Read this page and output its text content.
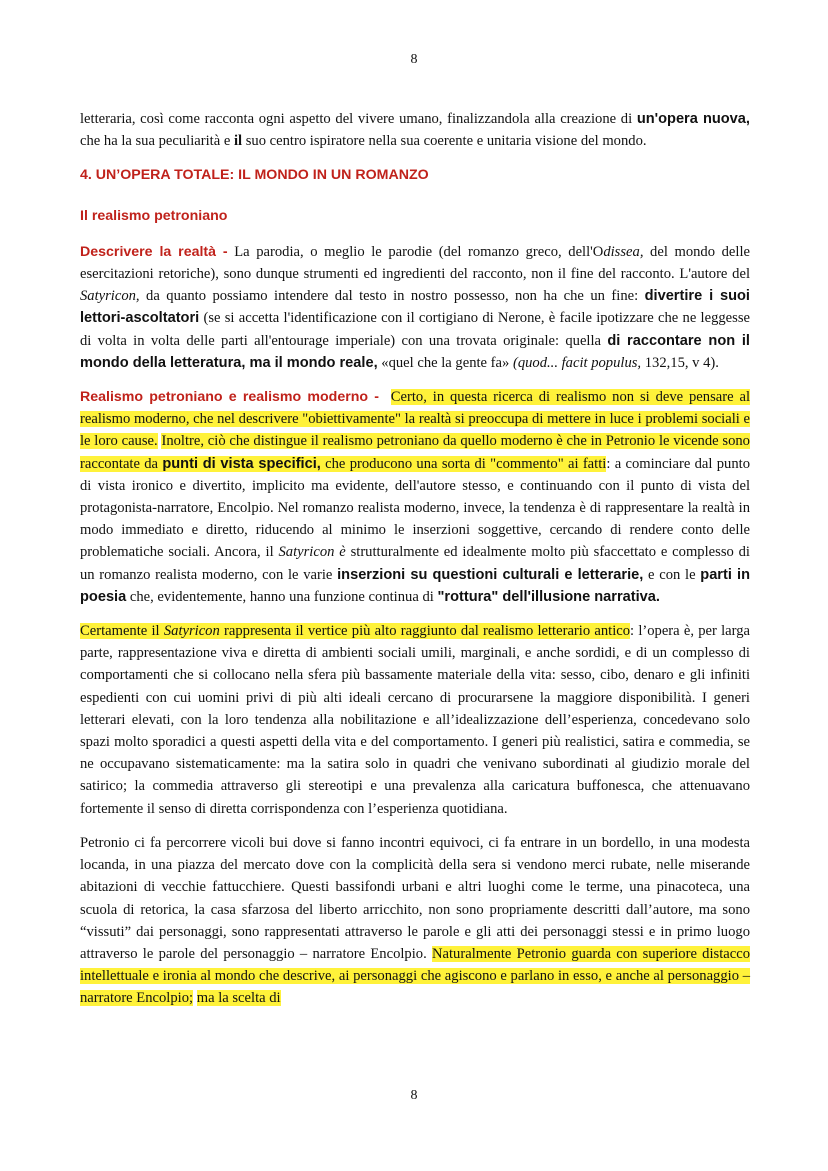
8

letteraria, così come racconta ogni aspetto del vivere umano, finalizzandola alla creazione di un'opera nuova, che ha la sua peculiarità e il suo centro ispiratore nella sua coerente e unitaria visione del mondo.

4. UN’OPERA TOTALE: IL MONDO IN UN ROMANZO
Il realismo petroniano

Descrivere la realtà - La parodia, o meglio le parodie (del romanzo greco, dell'Odissea, del mondo delle esercitazioni retoriche), sono dunque strumenti ed ingredienti del racconto, non il fine del racconto. L'autore del Satyricon, da quanto possiamo intendere dal testo in nostro possesso, non ha che un fine: divertire i suoi lettori-ascoltatori (se si accetta l'identificazione con il cortigiano di Nerone, è facile ipotizzare che ne leggesse di volta in volta delle parti all'entourage imperiale) con una trovata originale: quella di raccontare non il mondo della letteratura, ma il mondo reale, «quel che la gente fa» (quod... facit populus, 132,15, v 4).

Realismo petroniano e realismo moderno - Certo, in questa ricerca di realismo non si deve pensare al realismo moderno, che nel descrivere "obiettivamente" la realtà si preoccupa di mettere in luce i problemi sociali e le loro cause. Inoltre, ciò che distingue il realismo petroniano da quello moderno è che in Petronio le vicende sono raccontate da punti di vista specifici, che producono una sorta di "commento" ai fatti: a cominciare dal punto di vista ironico e divertito, implicito ma evidente, dell'autore stesso, e continuando con il punto di vista del protagonista-narratore, Encolpio. Nel romanzo realista moderno, invece, la tendenza è di rappresentare la realtà in modo immediato e diretto, riducendo al minimo le inserzioni soggettive, cercando di rendere conto delle problematiche sociali. Ancora, il Satyricon è strutturalmente ed idealmente molto più sfaccettato e complesso di un romanzo realista moderno, con le varie inserzioni su questioni culturali e letterarie, e con le parti in poesia che, evidentemente, hanno una funzione continua di "rottura" dell'illusione narrativa.

Certamente il Satyricon rappresenta il vertice più alto raggiunto dal realismo letterario antico: l’opera è, per larga parte, rappresentazione viva e diretta di ambienti sociali umili, marginali, e anche sordidi, e di un complesso di comportamenti che si collocano nella sfera più bassamente materiale della vita: sesso, cibo, denaro e gli infiniti espedienti con cui uomini privi di più alti ideali cercano di procurarsene la maggiore disponibilità. I generi letterari elevati, con la loro tendenza alla nobilitazione e all’idealizzazione dell’esperienza, concedevano solo spazi molto sporadici a questi aspetti della vita e del comportamento. I generi più realistici, satira e commedia, se ne occupavano sistematicamente: ma la satira solo in quadri che venivano subordinati al giudizio morale del satirico; la commedia attraverso gli stereotipi e una prevalenza alla caricatura buffonesca, che attenuavano fortemente il senso di diretta corrispondenza con l’esperienza quotidiana.

Petronio ci fa percorrere vicoli bui dove si fanno incontri equivoci, ci fa entrare in un bordello, in una modesta locanda, in una piazza del mercato dove con la complicità della sera si vendono merci rubate, nelle miserande abitazioni di vecchie fattucchiere. Questi bassifondi urbani e altri luoghi come le terme, una pinacoteca, una scuola di retorica, la casa sfarzosa del liberto arricchito, non sono propriamente descritti dall’autore, ma sono “vissuti” dai personaggi, sono rappresentati attraverso le parole e gli atti dei personaggi stessi e in primo luogo attraverso le parole del personaggio – narratore Encolpio. Naturalmente Petronio guarda con superiore distacco intellettuale e ironia al mondo che descrive, ai personaggi che agiscono e parlano in esso, e anche al personaggio – narratore Encolpio; ma la scelta di

8
